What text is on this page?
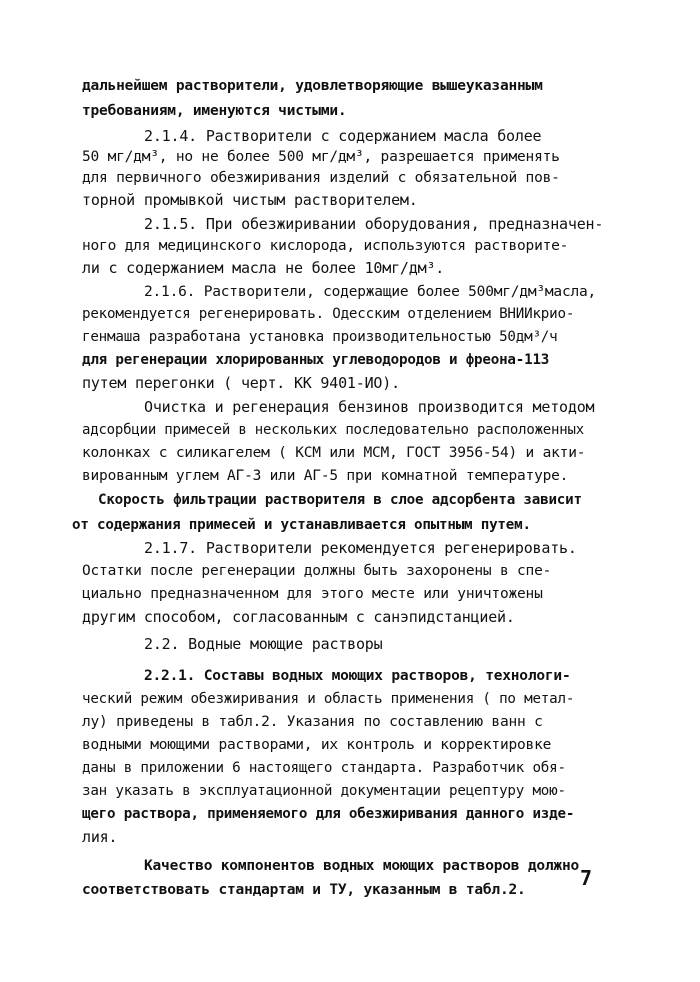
дальнейшем растворители, удовлетворяющие вышеуказанным
требованиям, именуются чистыми.
2.1.4. Растворители с содержанием масла более
50 мг/дм³, но не более 500 мг/дм³, разрешается применять
для первичного обезжиривания изделий с обязательной пов-
торной промывкой чистым растворителем.
2.1.5. При обезжиривании оборудования, предназначен-
ного для медицинского кислорода, используются растворите-
ли с содержанием масла не более 10мг/дм³.
2.1.6. Растворители, содержащие более 500мг/дм³масла,
рекомендуется регенерировать. Одесским отделением ВНИИкрио-
генмаша разработана установка производительностью 50дм³/ч
для регенерации хлорированных углеводородов и фреона-113
путем перегонки ( черт. КК 9401-ИО).
Очистка и регенерация бензинов производится методом
адсорбции примесей в нескольких последовательно расположенных
колонках с силикагелем ( КСМ или МСМ, ГОСТ 3956-54) и акти-
вированным углем АГ-3 или АГ-5 при комнатной температуре.
Скорость фильтрации растворителя в слое адсорбента зависит
от содержания примесей и устанавливается опытным путем.
2.1.7. Растворители рекомендуется регенерировать.
Остатки после регенерации должны быть захоронены в спе-
циально предназначенном для этого месте или уничтожены
другим способом, согласованным с санэпидстанцией.
2.2. Водные моющие растворы
2.2.1. Составы водных моющих растворов, технологи-
ческий режим обезжиривания и область применения ( по метал-
лу) приведены в табл.2. Указания по составлению ванн с
водными моющими растворами, их контроль и корректировке
даны в приложении 6 настоящего стандарта. Разработчик обя-
зан указать в эксплуатационной документации рецептуру мою-
щего раствора, применяемого для обезжиривания данного изде-
лия.
Качество компонентов водных моющих растворов должно
соответствовать стандартам и ТУ, указанным в табл.2.	7
